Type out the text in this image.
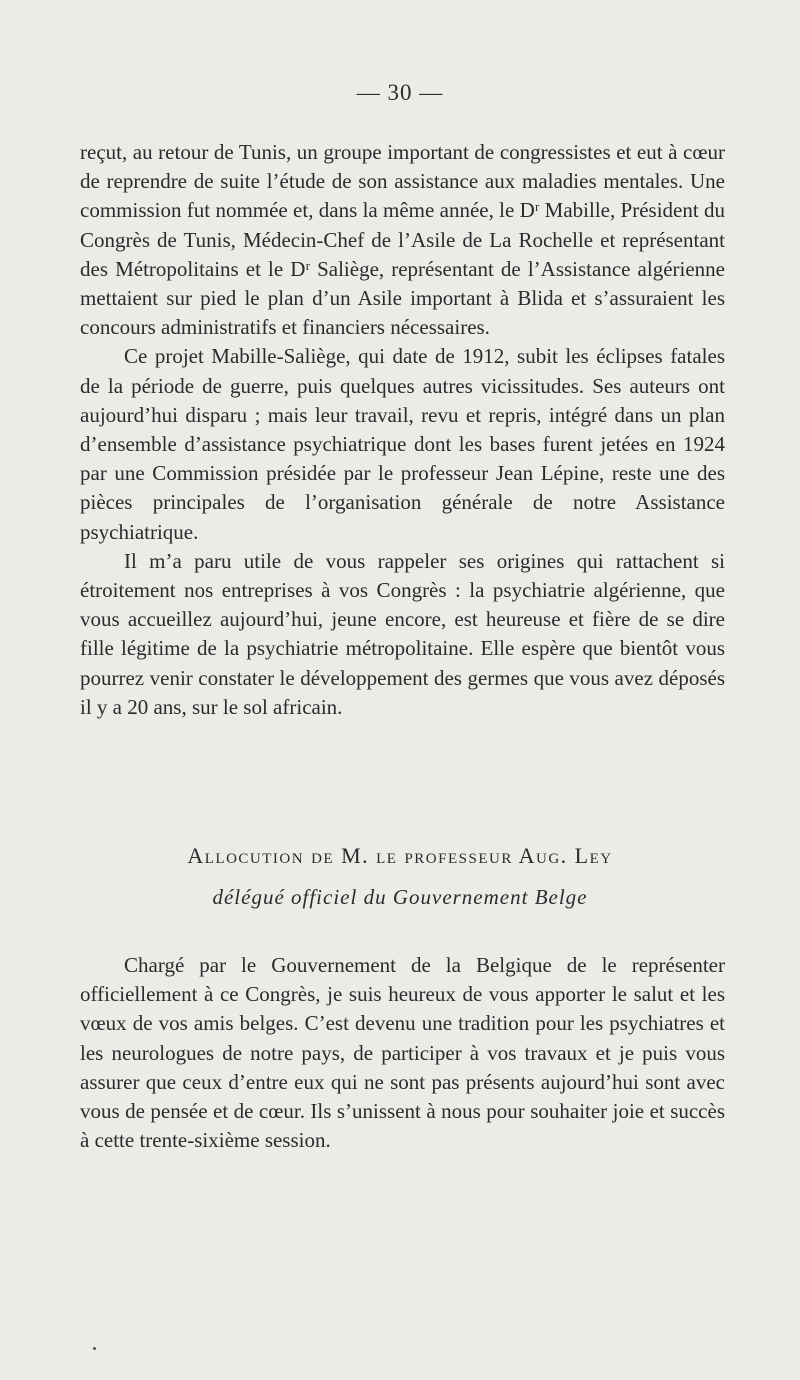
— 30 —

reçut, au retour de Tunis, un groupe important de congressistes et eut à cœur de reprendre de suite l’étude de son assistance aux maladies mentales. Une commission fut nommée et, dans la même année, le Dʳ Mabille, Président du Congrès de Tunis, Médecin-Chef de l’Asile de La Rochelle et représentant des Métropolitains et le Dʳ Saliège, représentant de l’Assistance algérienne mettaient sur pied le plan d’un Asile important à Blida et s’assuraient les concours administratifs et financiers nécessaires.

Ce projet Mabille-Saliège, qui date de 1912, subit les éclipses fatales de la période de guerre, puis quelques autres vicissitudes. Ses auteurs ont aujourd’hui disparu ; mais leur travail, revu et repris, intégré dans un plan d’ensemble d’assistance psychiatrique dont les bases furent jetées en 1924 par une Commission présidée par le professeur Jean Lépine, reste une des pièces principales de l’organisation générale de notre Assistance psychiatrique.

Il m’a paru utile de vous rappeler ses origines qui rattachent si étroitement nos entreprises à vos Congrès : la psychiatrie algérienne, que vous accueillez aujourd’hui, jeune encore, est heureuse et fière de se dire fille légitime de la psychiatrie métropolitaine. Elle espère que bientôt vous pourrez venir constater le développement des germes que vous avez déposés il y a 20 ans, sur le sol africain.

Allocution de M. le professeur Aug. Ley
délégué officiel du Gouvernement Belge

Chargé par le Gouvernement de la Belgique de le représenter officiellement à ce Congrès, je suis heureux de vous apporter le salut et les vœux de vos amis belges. C’est devenu une tradition pour les psychiatres et les neurologues de notre pays, de participer à vos travaux et je puis vous assurer que ceux d’entre eux qui ne sont pas présents aujourd’hui sont avec vous de pensée et de cœur. Ils s’unissent à nous pour souhaiter joie et succès à cette trente-sixième session.
